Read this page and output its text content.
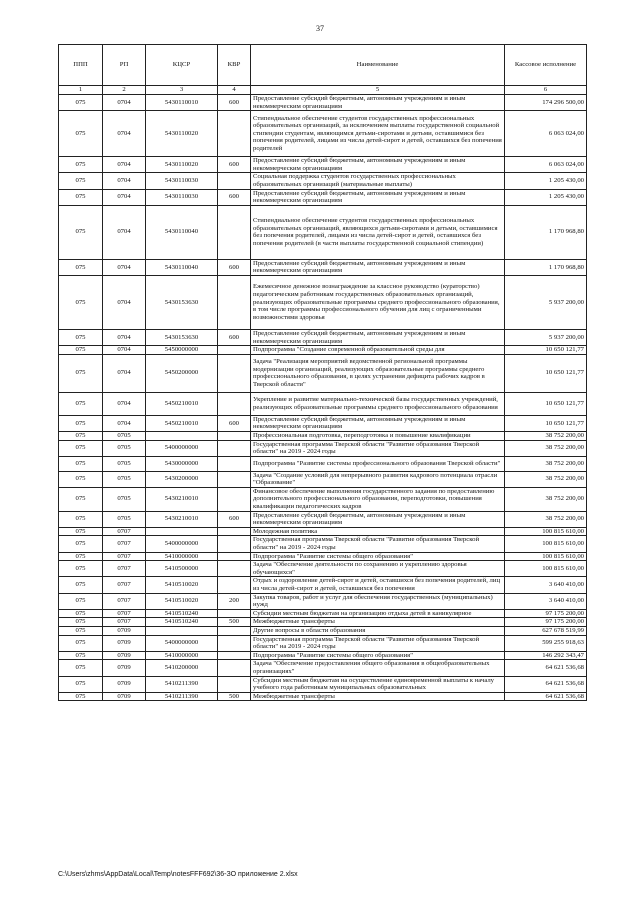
37
ППП	РП	КЦСР	КВР	Наименование	Кассовое исполнение
1	2	3	4	5	6
075	0704	5430110010	600	Предоставление субсидий бюджетным, автономным учреждениям и иным некоммерческим организациям	174 296 500,00
075	0704	5430110020		Стипендиальное обеспечение студентов государственных профессиональных образовательных организаций, за исключением выплаты государственной социальной стипендии студентам, являющимся детьми-сиротами и детьми, оставшимися без попечения родителей, лицами из числа детей-сирот и детей, оставшихся без попечения родителей	6 063 024,00
075	0704	5430110020	600	Предоставление субсидий бюджетным, автономным учреждениям и иным некоммерческим организациям	6 063 024,00
075	0704	5430110030		Социальная поддержка студентов государственных профессиональных образовательных организаций (материальные выплаты)	1 205 430,00
075	0704	5430110030	600	Предоставление субсидий бюджетным, автономным учреждениям и иным некоммерческим организациям	1 205 430,00
075	0704	5430110040		Стипендиальное обеспечение студентов государственных профессиональных образовательных организаций, являющихся детьми-сиротами и детьми, оставшимися без попечения родителей, лицами из числа детей-сирот и детей, оставшихся без попечения родителей (в части выплаты государственной социальной стипендии)	1 170 968,80
075	0704	5430110040	600	Предоставление субсидий бюджетным, автономным учреждениям и иным некоммерческим организациям	1 170 968,80
075	0704	5430153630		Ежемесячное денежное вознаграждение за классное руководство (кураторство) педагогическим работникам государственных образовательных организаций, реализующих образовательные программы среднего профессионального образования, в том числе программы профессионального обучения для лиц с ограниченными возможностями здоровья	5 937 200,00
075	0704	5430153630	600	Предоставление субсидий бюджетным, автономным учреждениям и иным некоммерческим организациям	5 937 200,00
075	0704	5450000000		Подпрограмма "Создание современной образовательной среды для	10 650 121,77
075	0704	5450200000		Задача "Реализация мероприятий ведомственной региональной программы модернизации организаций, реализующих образовательные программы среднего профессионального образования, в целях устранения дефицита рабочих кадров в Тверской области"	10 650 121,77
075	0704	5450210010		Укрепление и развитие материально-технической базы государственных учреждений, реализующих образовательные программы среднего профессионального образования	10 650 121,77
075	0704	5450210010	600	Предоставление субсидий бюджетным, автономным учреждениям и иным некоммерческим организациям	10 650 121,77
075	0705			Профессиональная подготовка, переподготовка и повышение квалификации	38 752 200,00
075	0705	5400000000		Государственная программа Тверской области "Развитие образования Тверской области" на 2019 - 2024 годы	38 752 200,00
075	0705	5430000000		Подпрограмма "Развитие системы профессионального образования Тверской области"	38 752 200,00
075	0705	5430200000		Задача "Создание условий для непрерывного развития кадрового потенциала отрасли "Образование"	38 752 200,00
075	0705	5430210010		Финансовое обеспечение выполнения государственного задания по предоставлению дополнительного профессионального образования, переподготовки, повышения квалификации педагогических кадров	38 752 200,00
075	0705	5430210010	600	Предоставление субсидий бюджетным, автономным учреждениям и иным некоммерческим организациям	38 752 200,00
075	0707			Молодежная политика	100 815 610,00
075	0707	5400000000		Государственная программа Тверской области "Развитие образования Тверской области" на 2019 - 2024 годы	100 815 610,00
075	0707	5410000000		Подпрограмма "Развитие системы общего образования"	100 815 610,00
075	0707	5410500000		Задача "Обеспечение деятельности по сохранению и укреплению здоровья обучающихся"	100 815 610,00
075	0707	5410510020		Отдых и оздоровление детей-сирот и детей, оставшихся без попечения родителей, лиц из числа детей-сирот и детей, оставшихся без попечения	3 640 410,00
075	0707	5410510020	200	Закупка товаров, работ и услуг для обеспечения государственных (муниципальных) нужд	3 640 410,00
075	0707	5410510240		Субсидии местным бюджетам на организацию отдыха детей в каникулярное	97 175 200,00
075	0707	5410510240	500	Межбюджетные трансферты	97 175 200,00
075	0709			Другие вопросы в области образования	627 678 519,99
075	0709	5400000000		Государственная программа Тверской области "Развитие образования Тверской области" на 2019 - 2024 годы	599 255 918,63
075	0709	5410000000		Подпрограмма "Развитие системы общего образования"	146 292 343,47
075	0709	5410200000		Задача "Обеспечение предоставления общего образования в общеобразовательных организациях"	64 621 536,68
075	0709	5410211390		Субсидии местным бюджетам на осуществление единовременной выплаты к началу учебного года работникам муниципальных образовательных	64 621 536,68
075	0709	5410211390	500	Межбюджетные трансферты	64 621 536,68
C:\Users\zhms\AppData\Local\Temp\notesFFF692\36-ЗО приложение 2.xlsx
